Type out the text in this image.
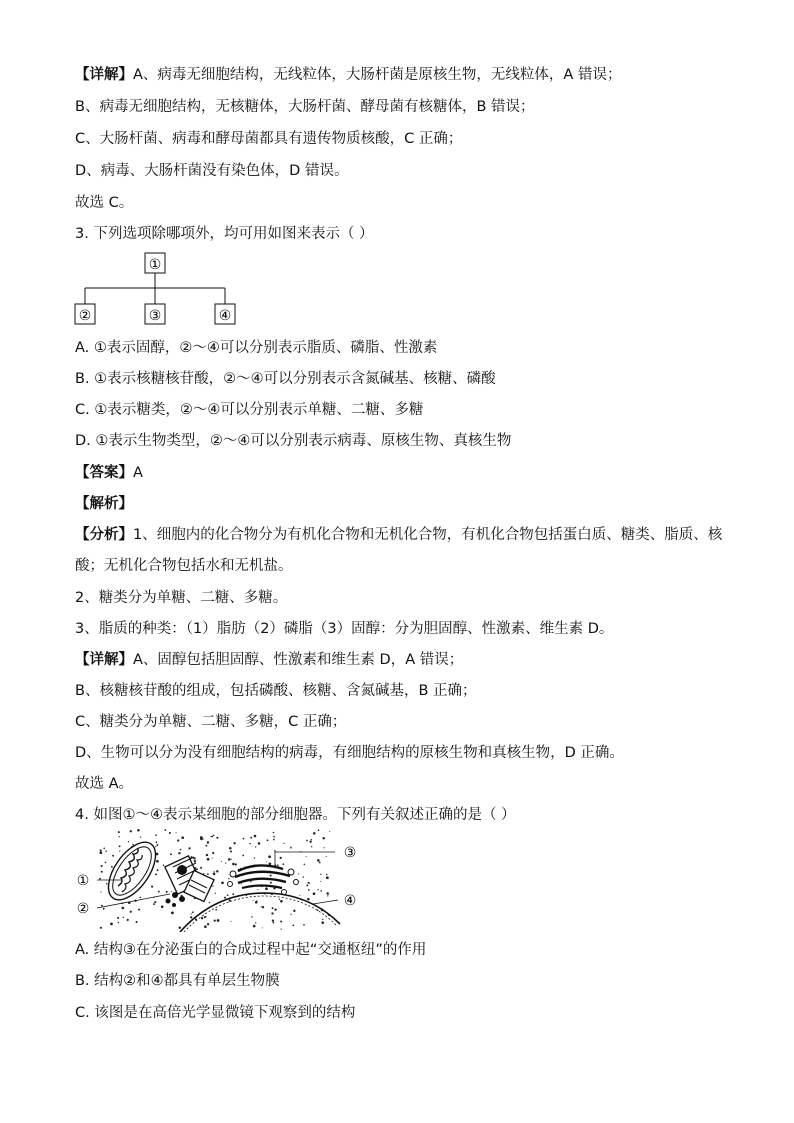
【详解】A、病毒无细胞结构，无线粒体，大肠杆菌是原核生物，无线粒体，A 错误；
B、病毒无细胞结构，无核糖体，大肠杆菌、酵母菌有核糖体，B 错误；
C、大肠杆菌、病毒和酵母菌都具有遗传物质核酸，C 正确；
D、病毒、大肠杆菌没有染色体，D 错误。
故选 C。
3. 下列选项除哪项外，均可用如图来表示（ ）
①
②	③	④
A. ①表示固醇，②～④可以分别表示脂质、磷脂、性激素
B. ①表示核糖核苷酸，②～④可以分别表示含氮碱基、核糖、磷酸
C. ①表示糖类，②～④可以分别表示单糖、二糖、多糖
D. ①表示生物类型，②～④可以分别表示病毒、原核生物、真核生物
【答案】A
【解析】
【分析】1、细胞内的化合物分为有机化合物和无机化合物，有机化合物包括蛋白质、糖类、脂质、核
酸；无机化合物包括水和无机盐。
2、糖类分为单糖、二糖、多糖。
3、脂质的种类：（1）脂肪（2）磷脂（3）固醇：分为胆固醇、性激素、维生素 D。
【详解】A、固醇包括胆固醇、性激素和维生素 D，A 错误；
B、核糖核苷酸的组成，包括磷酸、核糖、含氮碱基，B 正确；
C、糖类分为单糖、二糖、多糖，C 正确；
D、生物可以分为没有细胞结构的病毒，有细胞结构的原核生物和真核生物，D 正确。
故选 A。
4. 如图①～④表示某细胞的部分细胞器。下列有关叙述正确的是（ ）
①
②
③
④
A. 结构③在分泌蛋白的合成过程中起“交通枢纽”的作用
B. 结构②和④都具有单层生物膜
C. 该图是在高倍光学显微镜下观察到的结构
